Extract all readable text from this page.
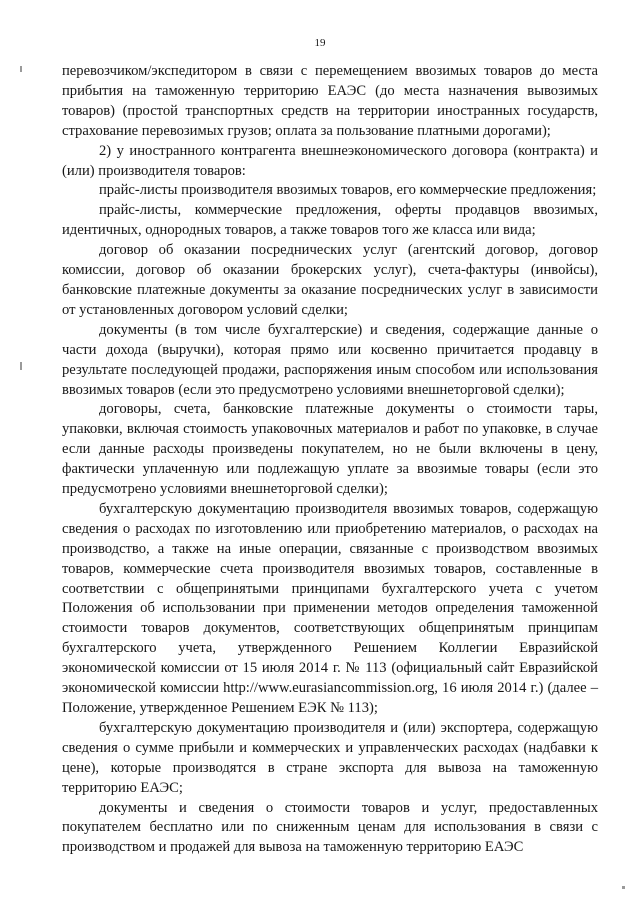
19

перевозчиком/экспедитором в связи с перемещением ввозимых товаров до места прибытия на таможенную территорию ЕАЭС (до места назначения вывозимых товаров) (простой транспортных средств на территории иностранных государств, страхование перевозимых грузов; оплата за пользование платными дорогами);

2) у иностранного контрагента внешнеэкономического договора (контракта) и (или) производителя товаров:

прайс-листы производителя ввозимых товаров, его коммерческие предложения;

прайс-листы, коммерческие предложения, оферты продавцов ввозимых, идентичных, однородных товаров, а также товаров того же класса или вида;

договор об оказании посреднических услуг (агентский договор, договор комиссии, договор об оказании брокерских услуг), счета-фактуры (инвойсы), банковские платежные документы за оказание посреднических услуг в зависимости от установленных договором условий сделки;

документы (в том числе бухгалтерские) и сведения, содержащие данные о части дохода (выручки), которая прямо или косвенно причитается продавцу в результате последующей продажи, распоряжения иным способом или использования ввозимых товаров (если это предусмотрено условиями внешнеторговой сделки);

договоры, счета, банковские платежные документы о стоимости тары, упаковки, включая стоимость упаковочных материалов и работ по упаковке, в случае если данные расходы произведены покупателем, но не были включены в цену, фактически уплаченную или подлежащую уплате за ввозимые товары (если это предусмотрено условиями внешнеторговой сделки);

бухгалтерскую документацию производителя ввозимых товаров, содержащую сведения о расходах по изготовлению или приобретению материалов, о расходах на производство, а также на иные операции, связанные с производством ввозимых товаров, коммерческие счета производителя ввозимых товаров, составленные в соответствии с общепринятыми принципами бухгалтерского учета с учетом Положения об использовании при применении методов определения таможенной стоимости товаров документов, соответствующих общепринятым принципам бухгалтерского учета, утвержденного Решением Коллегии Евразийской экономической комиссии от 15 июля 2014 г. № 113 (официальный сайт Евразийской экономической комиссии http://www.eurasiancommission.org, 16 июля 2014 г.) (далее – Положение, утвержденное Решением ЕЭК № 113);

бухгалтерскую документацию производителя и (или) экспортера, содержащую сведения о сумме прибыли и коммерческих и управленческих расходах (надбавки к цене), которые производятся в стране экспорта для вывоза на таможенную территорию ЕАЭС;

документы и сведения о стоимости товаров и услуг, предоставленных покупателем бесплатно или по сниженным ценам для использования в связи с производством и продажей для вывоза на таможенную территорию ЕАЭС
